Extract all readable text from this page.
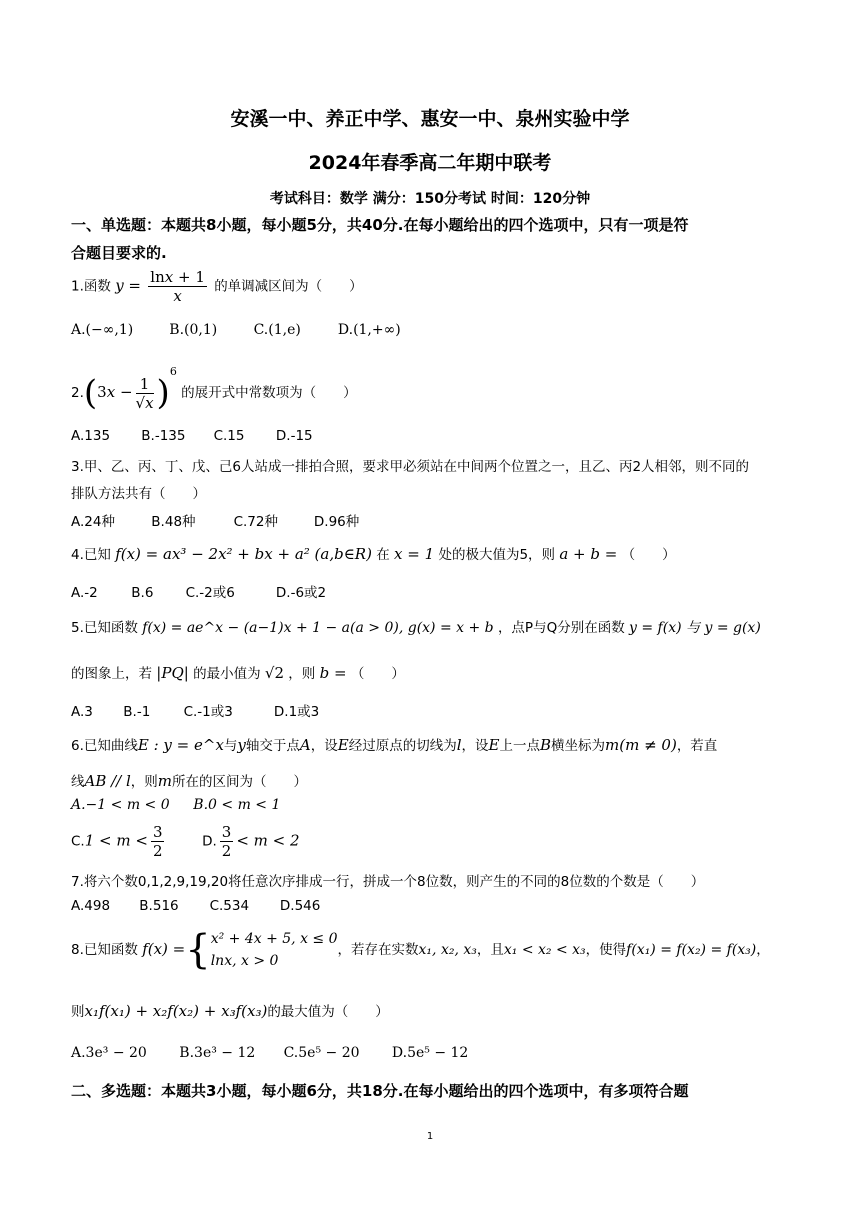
安溪一中、养正中学、惠安一中、泉州实验中学
2024年春季高二年期中联考
考试科目：数学 满分：150分考试 时间：120分钟
一、单选题：本题共8小题，每小题5分，共40分.在每小题给出的四个选项中，只有一项是符
合题目要求的.
1.函数 $y = \frac{\ln x + 1}{x}$ 的单调减区间为（　　）
A.(−∞,1)	B.(0,1)	C.(1,e)	D.(1,+∞)
$2.(3x - \frac{1}{√x} )^6$ 的展开式中常数项为（　　）
A.135 B.-135 C.15 D.-15
3.甲、乙、丙、丁、戊、己6人站成一排拍合照，要求甲必须站在中间两个位置之一，且乙、丙2人相邻，则不同的
排队方法共有（　　）
A.24种	B.48种	C.72种	D.96种
4.已知 f(x) = ax³ − 2x² + bx + a² (a,b∈R) 在 x = 1 处的极大值为5，则 a + b = （　　）
A.-2 B.6 C.-2或6	D.-6或2
5.已知函数 f(x) = ae^x − (a−1)x + 1 − a(a > 0), g(x) = x + b ，点P与Q分别在函数 y = f(x) 与 y = g(x)
的图象上，若 |PQ| 的最小值为 √2 ，则 b = （　　）
A.3 B.-1 C.-1或3	D.1或3
6.已知曲线E : y = e^x与y轴交于点A，设E经过原点的切线为l，设E上一点B横坐标为m(m ≠ 0)，若直
线AB // l，则m所在的区间为（　　）
A.−1 < m < 0 B.0 < m < 1
$C.1 < m < \frac{3}{2}$	D. $\frac{3}{2} < m < 2$
7.将六个数0,1,2,9,19,20将任意次序排成一行，拼成一个8位数，则产生的不同的8位数的个数是（　　）
A.498 B.516 C.534 D.546
8.已知函数 f(x) ={ x² + 4x + 5, x ≤ 0
lnx, x > 0
，若存在实数x₁, x₂, x₃，且x₁ < x₂ < x₃，使得f(x₁) = f(x₂) = f(x₃)，
则x₁f(x₁) + x₂f(x₂) + x₃f(x₃)的最大值为（　　）
A.3e³ − 20 B.3e³ − 12 C.5e⁵ − 20 D.5e⁵ − 12
二、多选题：本题共3小题，每小题6分，共18分.在每小题给出的四个选项中，有多项符合题
1
